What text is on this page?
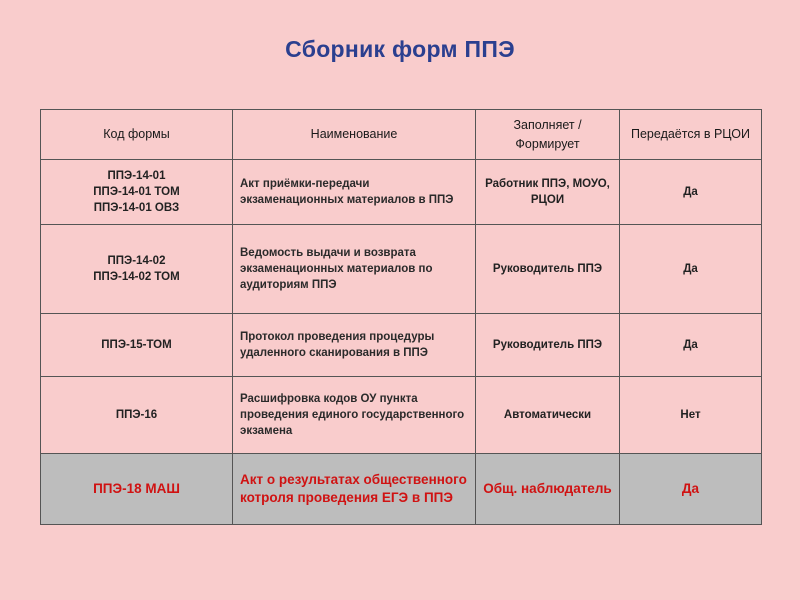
Сборник форм ППЭ
Код формы	Наименование	Заполняет / Формирует	Передаётся в РЦОИ

ППЭ-14-01
ППЭ-14-01 ТОМ
ППЭ-14-01 ОВЗ	Акт приёмки-передачи экзаменационных материалов в ППЭ	Работник ППЭ, МОУО, РЦОИ	Да

ППЭ-14-02
ППЭ-14-02 ТОМ	Ведомость выдачи и возврата экзаменационных материалов по аудиториям ППЭ	Руководитель ППЭ	Да

ППЭ-15-ТОМ	Протокол проведения процедуры удаленного сканирования в ППЭ	Руководитель ППЭ	Да

ППЭ-16	Расшифровка кодов ОУ пункта проведения единого государственного экзамена	Автоматически	Нет

ППЭ-18 МАШ	Акт о результатах общественного котроля проведения ЕГЭ в ППЭ	Общ. наблюдатель	Да
